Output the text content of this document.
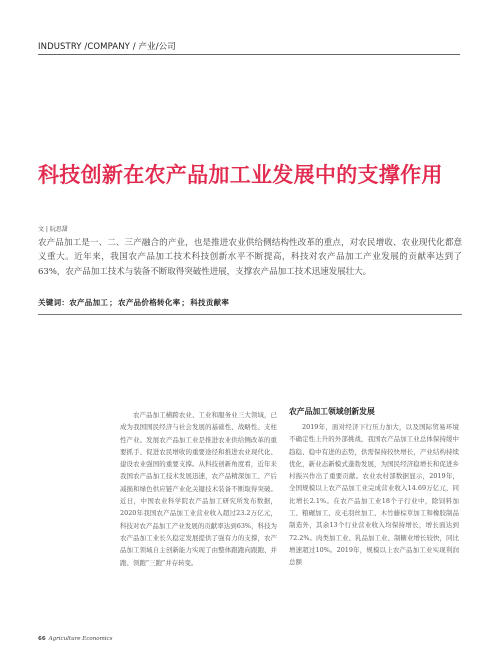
INDUSTRY /COMPANY / 产业/公司
科技创新在农产品加工业发展中的支撑作用
文 | 阮思甜

农产品加工是一、二、三产融合的产业，也是推进农业供给侧结构性改革的重点，对农民增收、农业现代化都意义重大。近年来，我国农产品加工技术科技创新水平不断提高，科技对农产品加工产业发展的贡献率达到了63%，农产品加工技术与装备不断取得突破性进展，支撑农产品加工技术迅速发展壮大。

关键词：农产品加工；农产品价格转化率；科技贡献率

农产品加工横跨农业、工业和服务业三大领域，已成为我国国民经济与社会发展的基础性、战略性、支柱性产业。发展农产品加工业是推进农业供给侧改革的重要抓手、促进农民增收的重要途径和推进农业现代化、建设农业强国的重要支撑。从科技创新角度看，近年来我国农产品加工技术发展迅速，农产品精深加工、产后减损和绿色供应链产业化关键技术装备不断取得突破。近日，中国农业科学院农产品加工研究所发布数据，2020年我国农产品加工业营业收入超过23.2万亿元，科技对农产品加工产业发展的贡献率达到63%，科技为农产品加工业长久稳定发展提供了强有力的支撑，农产品加工领域自主创新能力实现了由整体跟跑向跟跑、并跑、领跑“三跑”并存转变。

农产品加工领域创新发展

2019年，面对经济下行压力加大，以及国际贸易环境不确定性上升的外部挑战，我国农产品加工业总体保持缓中趋稳、稳中有进的态势，供需保持较快增长，产业结构持续优化，新业态新模式蓬勃发展，为国民经济稳增长和促进乡村振兴作出了重要贡献。农业农村部数据显示，2019年，全国规模以上农产品加工业完成营业收入14.69万亿元，同比增长2.1%。在农产品加工业18个子行业中，除饲料加工、粮碾加工、皮毛羽丝加工、木竹藤棕草加工和橡胶制品制造外，其余13个行业营业收入均保持增长，增长面达到72.2%。肉类加工业、乳品加工业、制糖业增长较快，同比增速超过10%。2019年，规模以上农产品加工业实现利润总额

66 Agriculture Economics
